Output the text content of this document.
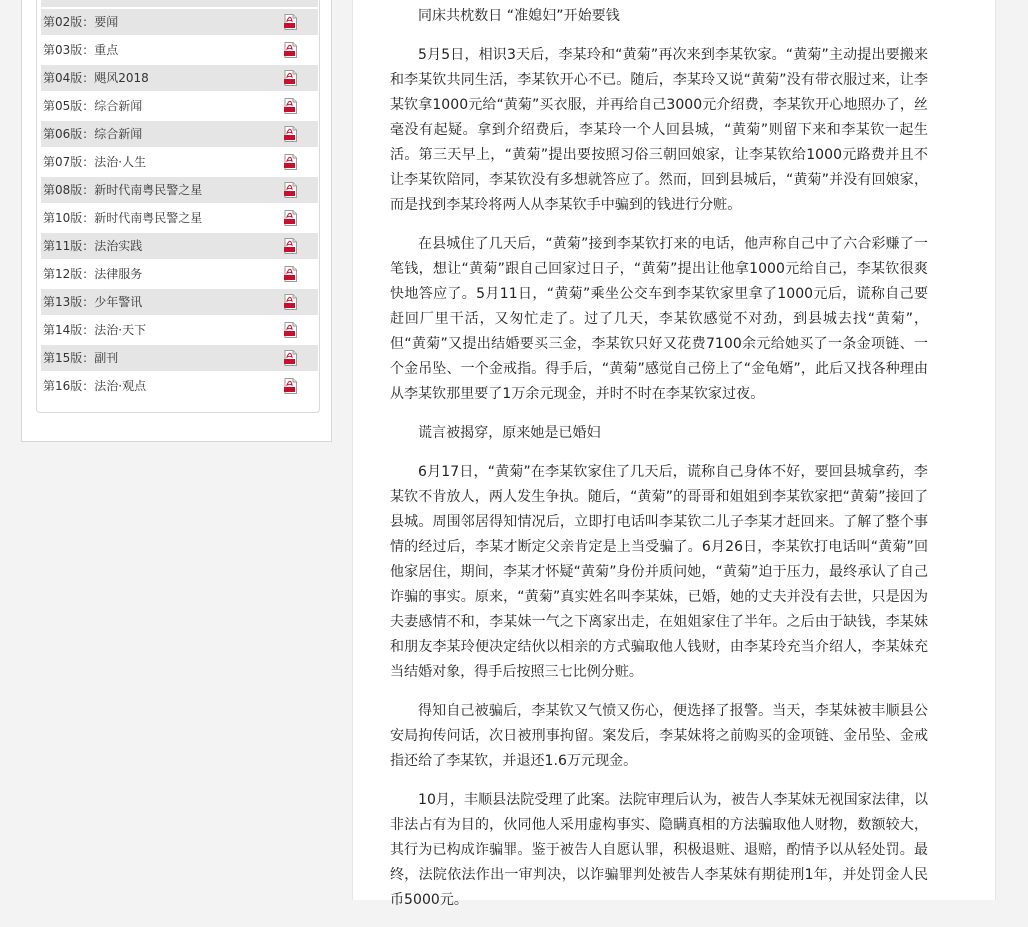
第02版：要闻
第03版：重点
第04版：飓风2018
第05版：综合新闻
第06版：综合新闻
第07版：法治·人生
第08版：新时代南粤民警之星
第10版：新时代南粤民警之星
第11版：法治实践
第12版：法律服务
第13版：少年警讯
第14版：法治·天下
第15版：副刊
第16版：法治·观点

同床共枕数日 “准媳妇”开始要钱

5月5日，相识3天后，李某玲和“黄菊”再次来到李某钦家。“黄菊”主动提出要搬来和李某钦共同生活，李某钦开心不已。随后，李某玲又说“黄菊”没有带衣服过来，让李某钦拿1000元给“黄菊”买衣服，并再给自己3000元介绍费，李某钦开心地照办了，丝毫没有起疑。拿到介绍费后，李某玲一个人回县城，“黄菊”则留下来和李某钦一起生活。第三天早上，“黄菊”提出要按照习俗三朝回娘家，让李某钦给1000元路费并且不让李某钦陪同，李某钦没有多想就答应了。然而，回到县城后，“黄菊”并没有回娘家，而是找到李某玲将两人从李某钦手中骗到的钱进行分赃。

在县城住了几天后，“黄菊”接到李某钦打来的电话，他声称自己中了六合彩赚了一笔钱，想让“黄菊”跟自己回家过日子，“黄菊”提出让他拿1000元给自己，李某钦很爽快地答应了。5月11日，“黄菊”乘坐公交车到李某钦家里拿了1000元后，谎称自己要赶回厂里干活，又匆忙走了。过了几天，李某钦感觉不对劲，到县城去找“黄菊”，但“黄菊”又提出结婚要买三金，李某钦只好又花费7100余元给她买了一条金项链、一个金吊坠、一个金戒指。得手后，“黄菊”感觉自己傍上了“金龟婿”，此后又找各种理由从李某钦那里要了1万余元现金，并时不时在李某钦家过夜。

谎言被揭穿，原来她是已婚妇

6月17日，“黄菊”在李某钦家住了几天后，谎称自己身体不好，要回县城拿药，李某钦不肯放人，两人发生争执。随后，“黄菊”的哥哥和姐姐到李某钦家把“黄菊”接回了县城。周围邻居得知情况后，立即打电话叫李某钦二儿子李某才赶回来。了解了整个事情的经过后，李某才断定父亲肯定是上当受骗了。6月26日，李某钦打电话叫“黄菊”回他家居住，期间，李某才怀疑“黄菊”身份并质问她，“黄菊”迫于压力，最终承认了自己诈骗的事实。原来，“黄菊”真实姓名叫李某妹，已婚，她的丈夫并没有去世，只是因为夫妻感情不和，李某妹一气之下离家出走，在姐姐家住了半年。之后由于缺钱，李某妹和朋友李某玲便决定结伙以相亲的方式骗取他人钱财，由李某玲充当介绍人，李某妹充当结婚对象，得手后按照三七比例分赃。

得知自己被骗后，李某钦又气愤又伤心，便选择了报警。当天，李某妹被丰顺县公安局拘传问话，次日被刑事拘留。案发后，李某妹将之前购买的金项链、金吊坠、金戒指还给了李某钦，并退还1.6万元现金。

10月，丰顺县法院受理了此案。法院审理后认为，被告人李某妹无视国家法律，以非法占有为目的，伙同他人采用虚构事实、隐瞒真相的方法骗取他人财物，数额较大，其行为已构成诈骗罪。鉴于被告人自愿认罪，积极退赃、退赔，酌情予以从轻处罚。最终，法院依法作出一审判决，以诈骗罪判处被告人李某妹有期徒刑1年，并处罚金人民币5000元。
